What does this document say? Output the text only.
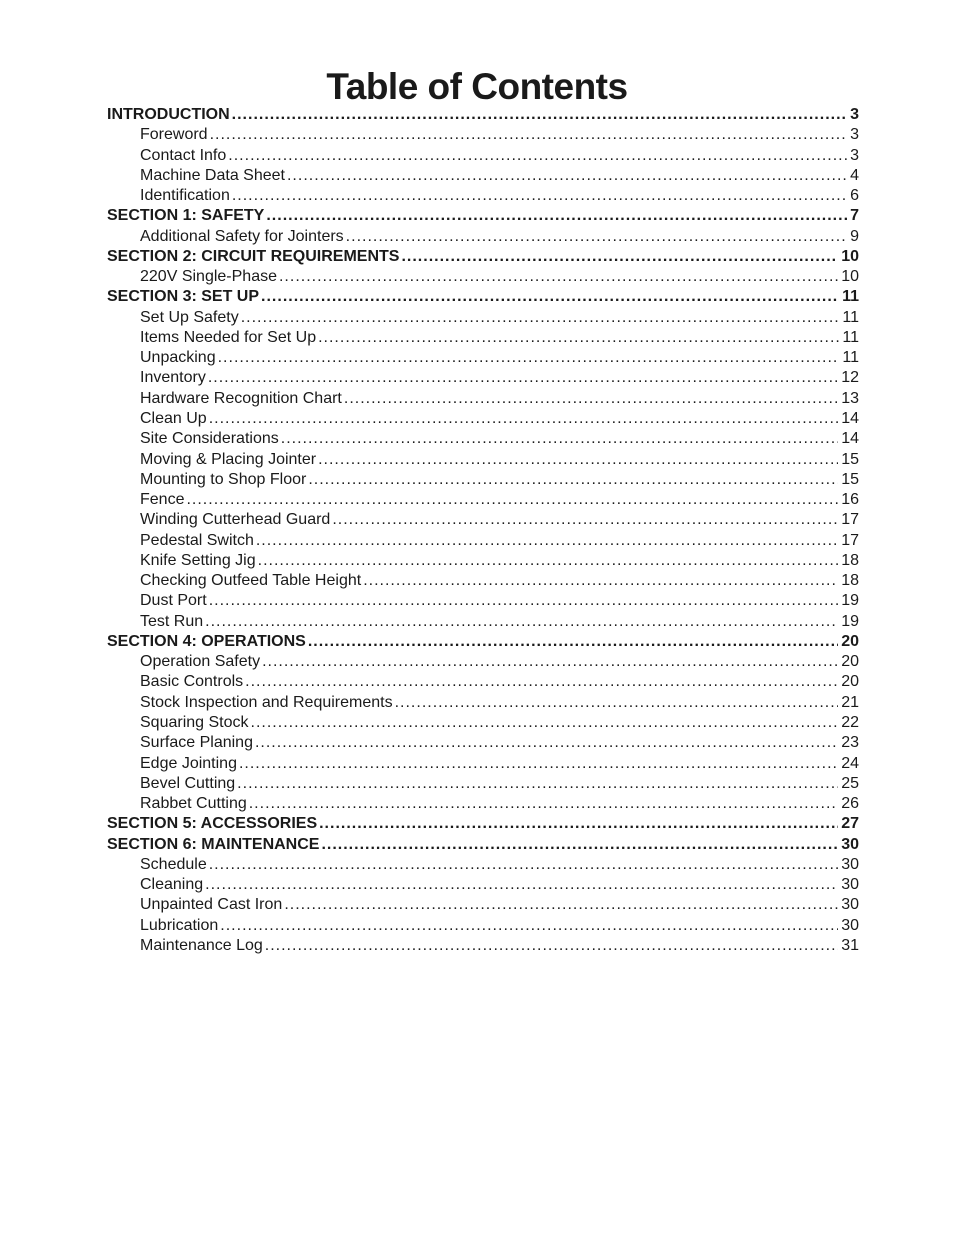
Table of Contents
INTRODUCTION .....	3
Foreword .....	3
Contact Info .....	3
Machine Data Sheet .....	4
Identification .....	6
SECTION 1: SAFETY .....	7
Additional Safety for Jointers .....	9
SECTION 2: CIRCUIT REQUIREMENTS .....	10
220V Single-Phase .....	10
SECTION 3: SET UP .....	11
Set Up Safety .....	11
Items Needed for Set Up .....	11
Unpacking .....	11
Inventory .....	12
Hardware Recognition Chart .....	13
Clean Up .....	14
Site Considerations .....	14
Moving & Placing Jointer .....	15
Mounting to Shop Floor .....	15
Fence .....	16
Winding Cutterhead Guard .....	17
Pedestal Switch .....	17
Knife Setting Jig .....	18
Checking Outfeed Table Height .....	18
Dust Port .....	19
Test Run .....	19
SECTION 4: OPERATIONS .....	20
Operation Safety .....	20
Basic Controls .....	20
Stock Inspection and Requirements .....	21
Squaring Stock .....	22
Surface Planing .....	23
Edge Jointing .....	24
Bevel Cutting .....	25
Rabbet Cutting .....	26
SECTION 5: ACCESSORIES .....	27
SECTION 6: MAINTENANCE .....	30
Schedule .....	30
Cleaning .....	30
Unpainted Cast Iron .....	30
Lubrication .....	30
Maintenance Log .....	31
